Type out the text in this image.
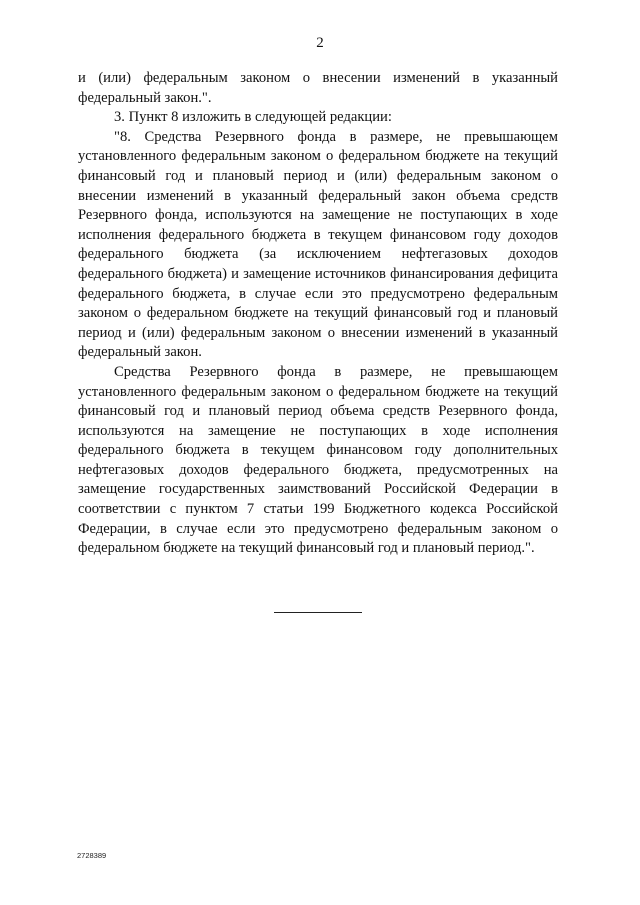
2

и (или) федеральным законом о внесении изменений в указанный федеральный закон.".

3. Пункт 8 изложить в следующей редакции:

"8. Средства Резервного фонда в размере, не превышающем установленного федеральным законом о федеральном бюджете на текущий финансовый год и плановый период и (или) федеральным законом о внесении изменений в указанный федеральный закон объема средств Резервного фонда, используются на замещение не поступающих в ходе исполнения федерального бюджета в текущем финансовом году доходов федерального бюджета (за исключением нефтегазовых доходов федерального бюджета) и замещение источников финансирования дефицита федерального бюджета, в случае если это предусмотрено федеральным законом о федеральном бюджете на текущий финансовый год и плановый период и (или) федеральным законом о внесении изменений в указанный федеральный закон.

Средства Резервного фонда в размере, не превышающем установленного федеральным законом о федеральном бюджете на текущий финансовый год и плановый период объема средств Резервного фонда, используются на замещение не поступающих в ходе исполнения федерального бюджета в текущем финансовом году дополнительных нефтегазовых доходов федерального бюджета, предусмотренных на замещение государственных заимствований Российской Федерации в соответствии с пунктом 7 статьи 199 Бюджетного кодекса Российской Федерации, в случае если это предусмотрено федеральным законом о федеральном бюджете на текущий финансовый год и плановый период.".

2728389
